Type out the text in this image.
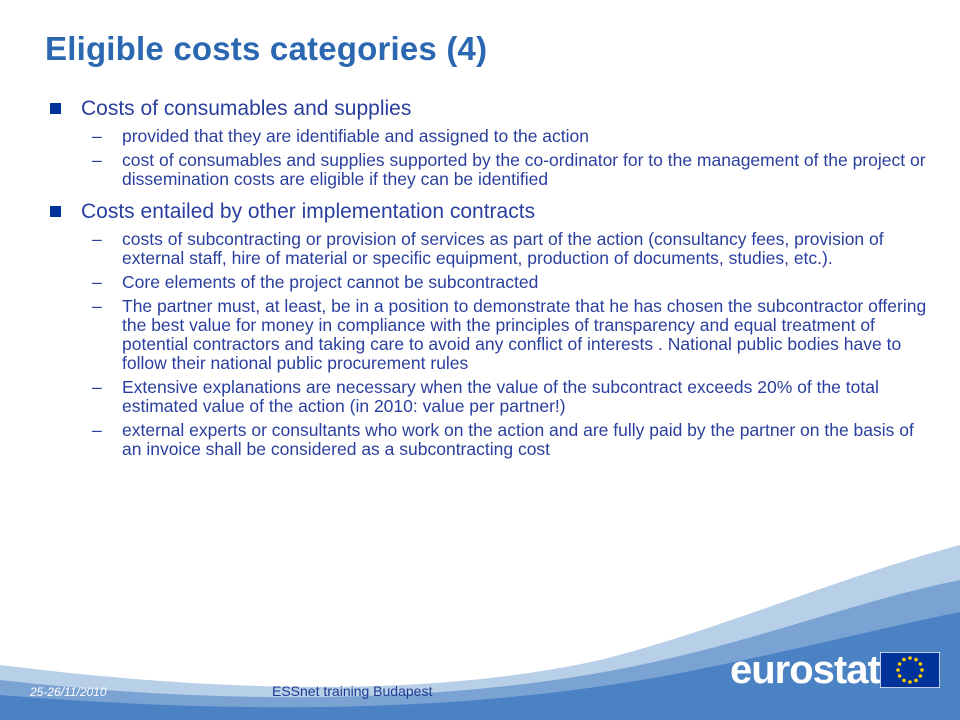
Eligible costs categories (4)

Costs of consumables and supplies

– provided that they are identifiable and assigned to the action
– cost of consumables and supplies supported by the co-ordinator for to the management of the project or dissemination costs are eligible if they can be identified

Costs entailed by other implementation contracts

– costs of subcontracting or provision of services as part of the action (consultancy fees, provision of external staff, hire of material or specific equipment, production of documents, studies, etc.).
– Core elements of the project cannot be subcontracted
– The partner must, at least, be in a position to demonstrate that he has chosen the subcontractor offering the best value for money in compliance with the principles of transparency and equal treatment of potential contractors and taking care to avoid any conflict of interests . National public bodies have to follow their national public procurement rules
– Extensive explanations are necessary when the value of the subcontract exceeds 20% of the total estimated value of the action (in 2010: value per partner!)
– external experts or consultants who work on the action and are fully paid by the partner on the basis of an invoice shall be considered as a subcontracting cost
25-26/11/2010	ESSnet training Budapest	eurostat
